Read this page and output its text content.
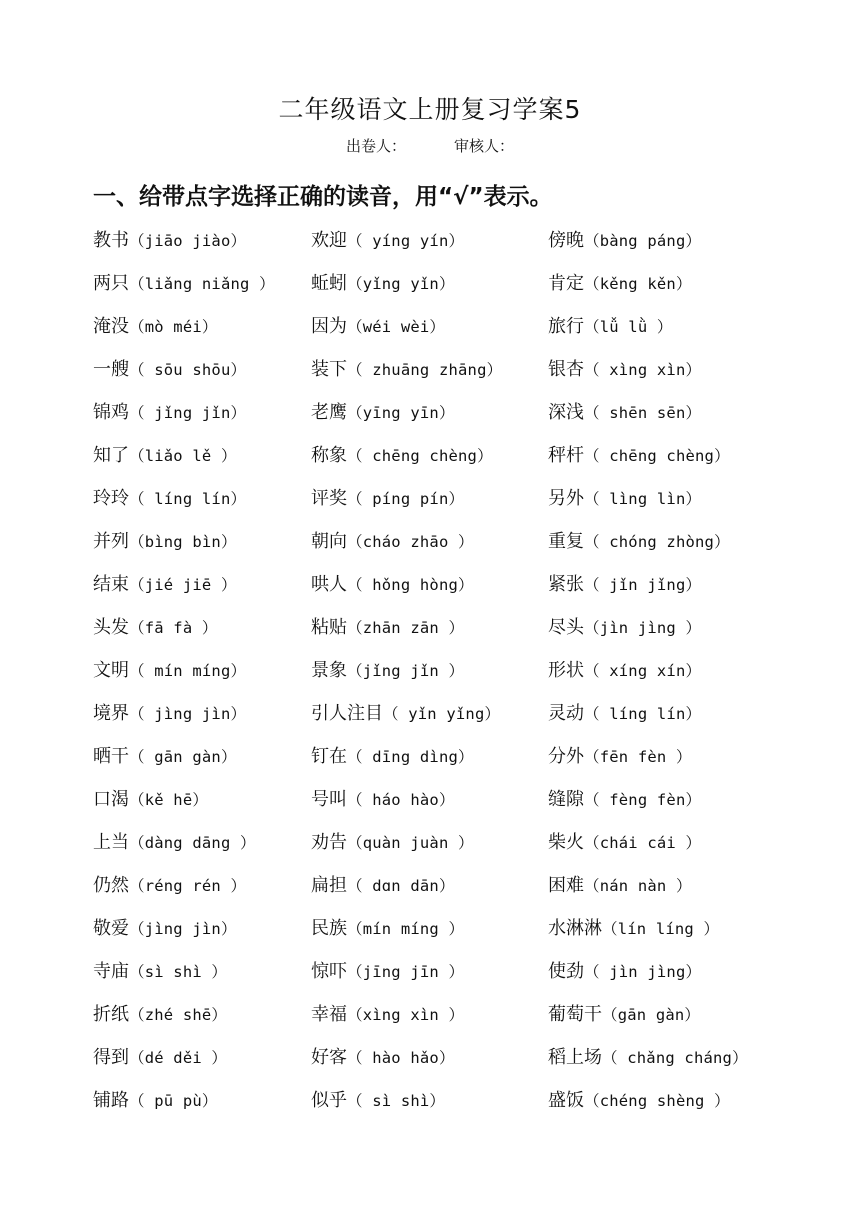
二年级语文上册复习学案5
出卷人：	审核人：
一、给带点字选择正确的读音，用“√”表示。
教书（jiāo jiào）	欢迎（ yíng yín）	傍晚（bàng páng）
两只（liǎng niǎng ） 蚯蚓（yǐng yǐn）	肯定（kěng kěn）
淹没（mò méi）	因为（wéi wèi）	旅行（lǚ lǜ ）
一艘（ sōu shōu）	装下（ zhuāng zhāng）	银杏（ xìng xìn）
锦鸡（ jǐng jǐn）	老鹰（yīng yīn）	深浅（ shēn sēn）
知了（liǎo lě ）	称象（ chēng chèng）	秤杆（ chēng chèng）
玲玲（ líng lín）	评奖（ píng pín）	另外（ lìng lìn）
并列（bìng bìn）	朝向（cháo zhāo ）	重复（ chóng zhòng）
结束（jié jiē ）	哄人（ hǒng hòng）	紧张（ jǐn jǐng）
头发（fā fà ）	粘贴（zhān zān ）	尽头（jìn jìng ）
文明（ mín míng）	景象（jǐng jǐn ）	形状（ xíng xín）
境界（ jìng jìn）	引人注目（ yǐn yǐng）	灵动（ líng lín）
晒干（ gān gàn）	钉在（ dīng dìng）	分外（fēn fèn ）
口渴（kě hē）	号叫（ háo hào）	缝隙（ fèng fèn）
上当（dàng dāng ）	劝告（quàn juàn ）	柴火（chái cái ）
仍然（réng rén ）	扁担（ dɑn dān）	困难（nán nàn ）
敬爱（jìng jìn）	民族（mín míng ）	水淋淋（lín líng ）
寺庙（sì shì ）	惊吓（jīng jīn ）	使劲（ jìn jìng）
折纸（zhé shē）	幸福（xìng xìn ）	葡萄干（gān gàn）
得到（dé děi ）	好客（ hào hǎo）	稻上场（ chǎng cháng）
铺路（ pū pù）	似乎（ sì shì）	盛饭（chéng shèng ）
